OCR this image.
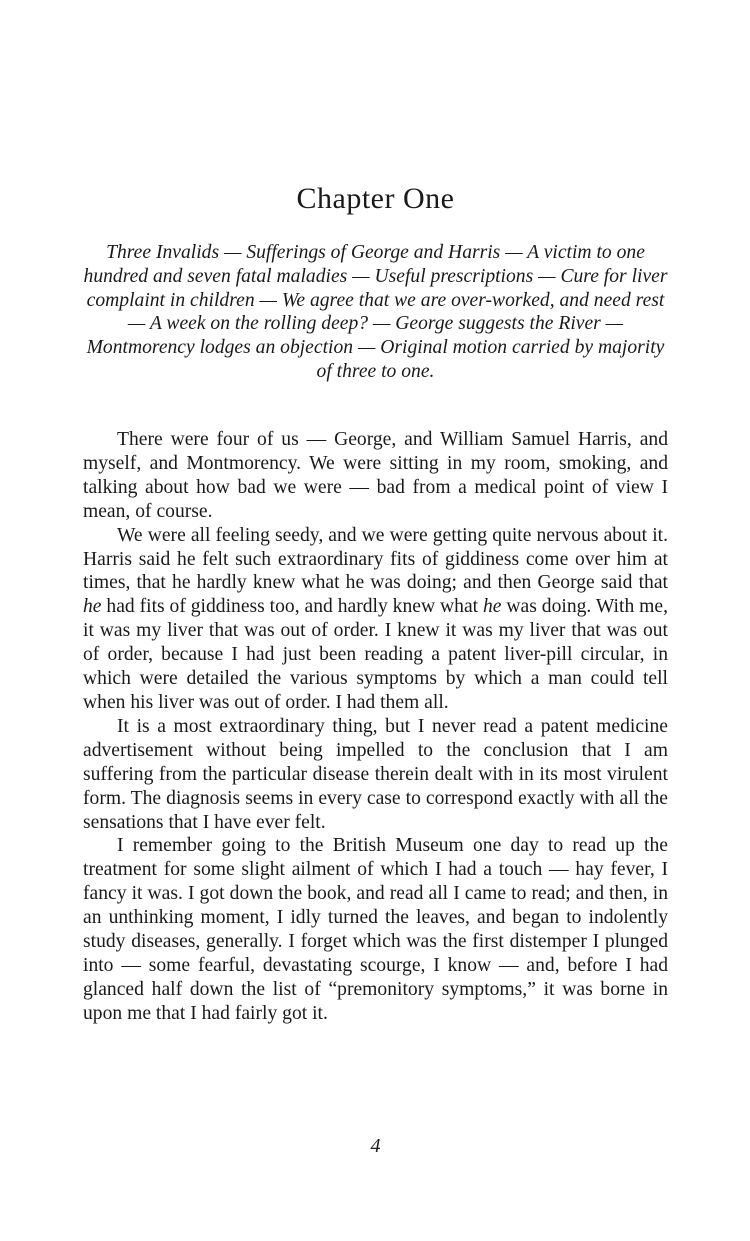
Chapter One

Three Invalids — Sufferings of George and Harris — A victim to one hundred and seven fatal maladies — Useful prescriptions — Cure for liver complaint in children — We agree that we are over-worked, and need rest — A week on the rolling deep? — George suggests the River — Montmorency lodges an objection — Original motion carried by majority of three to one.

There were four of us — George, and William Samuel Harris, and myself, and Montmorency. We were sitting in my room, smoking, and talking about how bad we were — bad from a medical point of view I mean, of course.

We were all feeling seedy, and we were getting quite nervous about it. Harris said he felt such extraordinary fits of giddiness come over him at times, that he hardly knew what he was doing; and then George said that he had fits of giddiness too, and hardly knew what he was doing. With me, it was my liver that was out of order. I knew it was my liver that was out of order, because I had just been reading a patent liver-pill circular, in which were detailed the various symptoms by which a man could tell when his liver was out of order. I had them all.

It is a most extraordinary thing, but I never read a patent medicine advertisement without being impelled to the conclusion that I am suffering from the particular disease therein dealt with in its most virulent form. The diagnosis seems in every case to correspond exactly with all the sensations that I have ever felt.

I remember going to the British Museum one day to read up the treatment for some slight ailment of which I had a touch — hay fever, I fancy it was. I got down the book, and read all I came to read; and then, in an unthinking moment, I idly turned the leaves, and began to indolently study diseases, generally. I forget which was the first distemper I plunged into — some fearful, devastating scourge, I know — and, before I had glanced half down the list of “premonitory symptoms,” it was borne in upon me that I had fairly got it.

4
